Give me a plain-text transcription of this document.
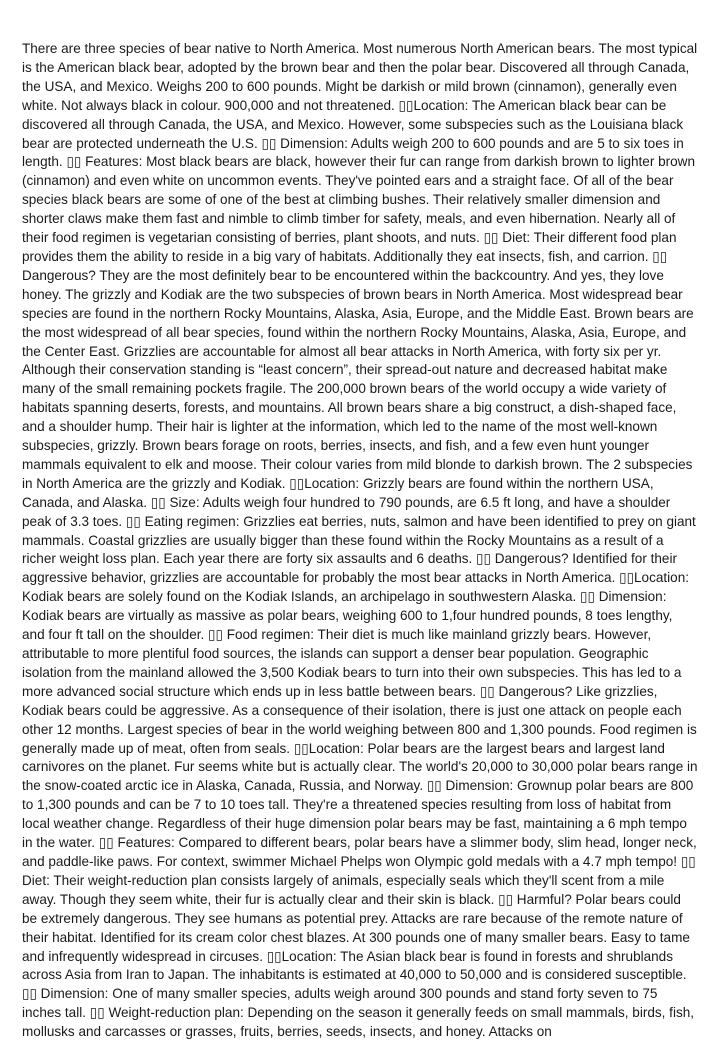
There are three species of bear native to North America. Most numerous North American bears. The most typical is the American black bear, adopted by the brown bear and then the polar bear. Discovered all through Canada, the USA, and Mexico. Weighs 200 to 600 pounds. Might be darkish or mild brown (cinnamon), generally even white. Not always black in colour. 900,000 and not threatened. ▯▯Location: The American black bear can be discovered all through Canada, the USA, and Mexico. However, some subspecies such as the Louisiana black bear are protected underneath the U.S. ▯▯ Dimension: Adults weigh 200 to 600 pounds and are 5 to six toes in length. ▯▯ Features: Most black bears are black, however their fur can range from darkish brown to lighter brown (cinnamon) and even white on uncommon events. They've pointed ears and a straight face. Of all of the bear species black bears are some of one of the best at climbing bushes. Their relatively smaller dimension and shorter claws make them fast and nimble to climb timber for safety, meals, and even hibernation. Nearly all of their food regimen is vegetarian consisting of berries, plant shoots, and nuts. ▯▯ Diet: Their different food plan provides them the ability to reside in a big vary of habitats. Additionally they eat insects, fish, and carrion. ▯▯ Dangerous? They are the most definitely bear to be encountered within the backcountry. And yes, they love honey. The grizzly and Kodiak are the two subspecies of brown bears in North America. Most widespread bear species are found in the northern Rocky Mountains, Alaska, Asia, Europe, and the Middle East. Brown bears are the most widespread of all bear species, found within the northern Rocky Mountains, Alaska, Asia, Europe, and the Center East. Grizzlies are accountable for almost all bear attacks in North America, with forty six per yr. Although their conservation standing is “least concern”, their spread-out nature and decreased habitat make many of the small remaining pockets fragile. The 200,000 brown bears of the world occupy a wide variety of habitats spanning deserts, forests, and mountains. All brown bears share a big construct, a dish-shaped face, and a shoulder hump. Their hair is lighter at the information, which led to the name of the most well-known subspecies, grizzly. Brown bears forage on roots, berries, insects, and fish, and a few even hunt younger mammals equivalent to elk and moose. Their colour varies from mild blonde to darkish brown. The 2 subspecies in North America are the grizzly and Kodiak. ▯▯Location: Grizzly bears are found within the northern USA, Canada, and Alaska. ▯▯ Size: Adults weigh four hundred to 790 pounds, are 6.5 ft long, and have a shoulder peak of 3.3 toes. ▯▯ Eating regimen: Grizzlies eat berries, nuts, salmon and have been identified to prey on giant mammals. Coastal grizzlies are usually bigger than these found within the Rocky Mountains as a result of a richer weight loss plan. Each year there are forty six assaults and 6 deaths. ▯▯ Dangerous? Identified for their aggressive behavior, grizzlies are accountable for probably the most bear attacks in North America. ▯▯Location: Kodiak bears are solely found on the Kodiak Islands, an archipelago in southwestern Alaska. ▯▯ Dimension: Kodiak bears are virtually as massive as polar bears, weighing 600 to 1,four hundred pounds, 8 toes lengthy, and four ft tall on the shoulder. ▯▯ Food regimen: Their diet is much like mainland grizzly bears. However, attributable to more plentiful food sources, the islands can support a denser bear population. Geographic isolation from the mainland allowed the 3,500 Kodiak bears to turn into their own subspecies. This has led to a more advanced social structure which ends up in less battle between bears. ▯▯ Dangerous? Like grizzlies, Kodiak bears could be aggressive. As a consequence of their isolation, there is just one attack on people each other 12 months. Largest species of bear in the world weighing between 800 and 1,300 pounds. Food regimen is generally made up of meat, often from seals. ▯▯Location: Polar bears are the largest bears and largest land carnivores on the planet. Fur seems white but is actually clear. The world's 20,000 to 30,000 polar bears range in the snow-coated arctic ice in Alaska, Canada, Russia, and Norway. ▯▯ Dimension: Grownup polar bears are 800 to 1,300 pounds and can be 7 to 10 toes tall. They're a threatened species resulting from loss of habitat from local weather change. Regardless of their huge dimension polar bears may be fast, maintaining a 6 mph tempo in the water. ▯▯ Features: Compared to different bears, polar bears have a slimmer body, slim head, longer neck, and paddle-like paws. For context, swimmer Michael Phelps won Olympic gold medals with a 4.7 mph tempo! ▯▯ Diet: Their weight-reduction plan consists largely of animals, especially seals which they'll scent from a mile away. Though they seem white, their fur is actually clear and their skin is black. ▯▯ Harmful? Polar bears could be extremely dangerous. They see humans as potential prey. Attacks are rare because of the remote nature of their habitat. Identified for its cream color chest blazes. At 300 pounds one of many smaller bears. Easy to tame and infrequently widespread in circuses. ▯▯Location: The Asian black bear is found in forests and shrublands across Asia from Iran to Japan. The inhabitants is estimated at 40,000 to 50,000 and is considered susceptible. ▯▯ Dimension: One of many smaller species, adults weigh around 300 pounds and stand forty seven to 75 inches tall. ▯▯ Weight-reduction plan: Depending on the season it generally feeds on small mammals, birds, fish, mollusks and carcasses or grasses, fruits, berries, seeds, insects, and honey. Attacks on
